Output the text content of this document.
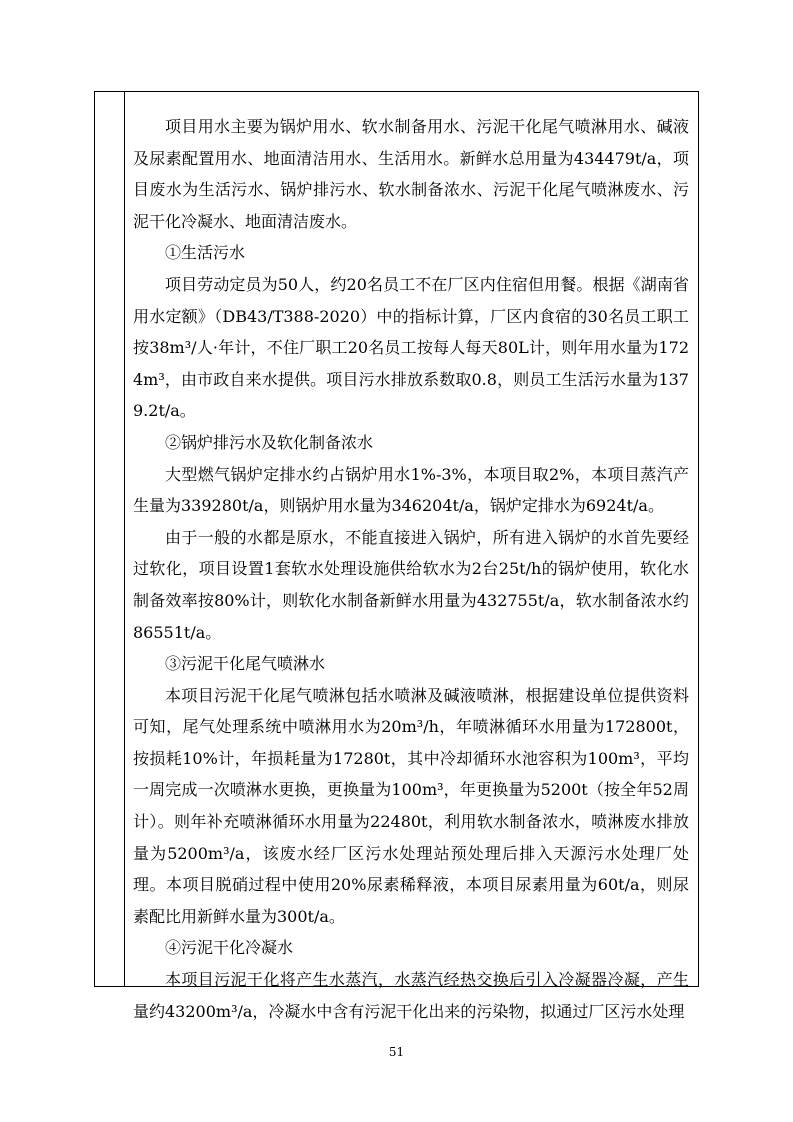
项目用水主要为锅炉用水、软水制备用水、污泥干化尾气喷淋用水、碱液及尿素配置用水、地面清洁用水、生活用水。新鲜水总用量为434479t/a，项目废水为生活污水、锅炉排污水、软水制备浓水、污泥干化尾气喷淋废水、污泥干化冷凝水、地面清洁废水。

①生活污水

项目劳动定员为50人，约20名员工不在厂区内住宿但用餐。根据《湖南省用水定额》（DB43/T388-2020）中的指标计算，厂区内食宿的30名员工职工按38m³/人·年计，不住厂职工20名员工按每人每天80L计，则年用水量为1724m³，由市政自来水提供。项目污水排放系数取0.8，则员工生活污水量为1379.2t/a。

②锅炉排污水及软化制备浓水

大型燃气锅炉定排水约占锅炉用水1%-3%，本项目取2%，本项目蒸汽产生量为339280t/a，则锅炉用水量为346204t/a，锅炉定排水为6924t/a。

由于一般的水都是原水，不能直接进入锅炉，所有进入锅炉的水首先要经过软化，项目设置1套软水处理设施供给软水为2台25t/h的锅炉使用，软化水制备效率按80%计，则软化水制备新鲜水用量为432755t/a，软水制备浓水约86551t/a。

③污泥干化尾气喷淋水

本项目污泥干化尾气喷淋包括水喷淋及碱液喷淋，根据建设单位提供资料可知，尾气处理系统中喷淋用水为20m³/h，年喷淋循环水用量为172800t，按损耗10%计，年损耗量为17280t，其中冷却循环水池容积为100m³，平均一周完成一次喷淋水更换，更换量为100m³，年更换量为5200t（按全年52周计）。则年补充喷淋循环水用量为22480t，利用软水制备浓水，喷淋废水排放量为5200m³/a，该废水经厂区污水处理站预处理后排入天源污水处理厂处理。本项目脱硝过程中使用20%尿素稀释液，本项目尿素用量为60t/a，则尿素配比用新鲜水量为300t/a。

④污泥干化冷凝水

本项目污泥干化将产生水蒸汽，水蒸汽经热交换后引入冷凝器冷凝，产生量约43200m³/a，冷凝水中含有污泥干化出来的污染物，拟通过厂区污水处理

51
